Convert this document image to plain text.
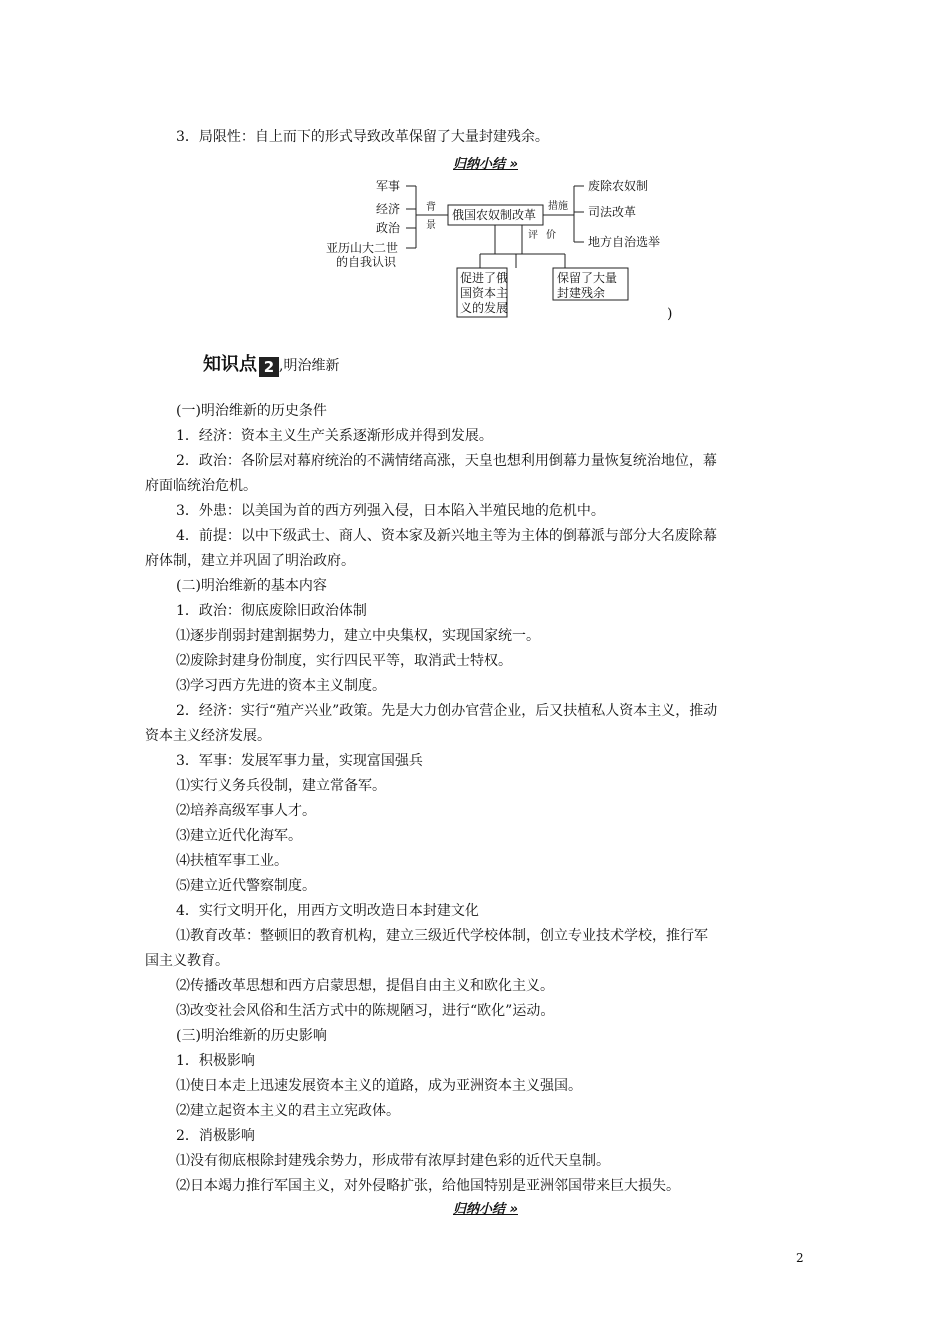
3．局限性：自上而下的形式导致改革保留了大量封建残余。
归纳小结 »
军事
经济
政治
亚历山大二世
的自我认识
背
景
俄国农奴制改革
措施
评 价
废除农奴制
司法改革
地方自治选举
促进了俄
国资本主
义的发展
保留了大量
封建残余
)
知识点 2 ,明治维新
(一)明治维新的历史条件
1．经济：资本主义生产关系逐渐形成并得到发展。
2．政治：各阶层对幕府统治的不满情绪高涨，天皇也想利用倒幕力量恢复统治地位，幕
府面临统治危机。
3．外患：以美国为首的西方列强入侵，日本陷入半殖民地的危机中。
4．前提：以中下级武士、商人、资本家及新兴地主等为主体的倒幕派与部分大名废除幕
府体制，建立并巩固了明治政府。
(二)明治维新的基本内容
1．政治：彻底废除旧政治体制
⑴逐步削弱封建割据势力，建立中央集权，实现国家统一。
⑵废除封建身份制度，实行四民平等，取消武士特权。
⑶学习西方先进的资本主义制度。
2．经济：实行“殖产兴业”政策。先是大力创办官营企业，后又扶植私人资本主义，推动
资本主义经济发展。
3．军事：发展军事力量，实现富国强兵
⑴实行义务兵役制，建立常备军。
⑵培养高级军事人才。
⑶建立近代化海军。
⑷扶植军事工业。
⑸建立近代警察制度。
4．实行文明开化，用西方文明改造日本封建文化
⑴教育改革：整顿旧的教育机构，建立三级近代学校体制，创立专业技术学校，推行军
国主义教育。
⑵传播改革思想和西方启蒙思想，提倡自由主义和欧化主义。
⑶改变社会风俗和生活方式中的陈规陋习，进行“欧化”运动。
(三)明治维新的历史影响
1．积极影响
⑴使日本走上迅速发展资本主义的道路，成为亚洲资本主义强国。
⑵建立起资本主义的君主立宪政体。
2．消极影响
⑴没有彻底根除封建残余势力，形成带有浓厚封建色彩的近代天皇制。
⑵日本竭力推行军国主义，对外侵略扩张，给他国特别是亚洲邻国带来巨大损失。
归纳小结 »
2
